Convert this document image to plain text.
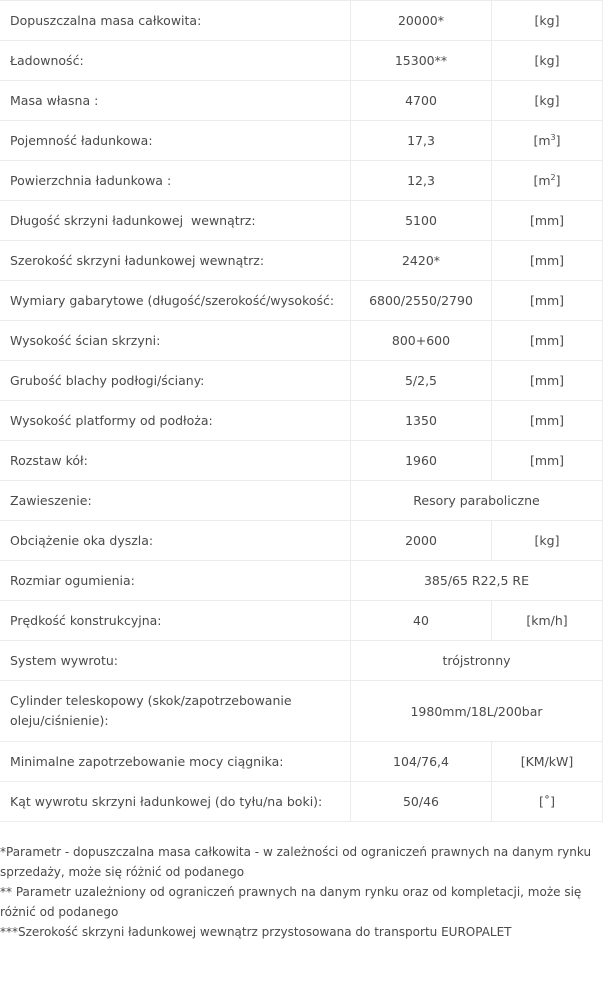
Dopuszczalna masa całkowita:	20000*	[kg]
Ładowność:	15300**	[kg]
Masa własna :	4700	[kg]
Pojemność ładunkowa:	17,3	$[m^3]$
Powierzchnia ładunkowa :	12,3	$[m^2]$
Długość skrzyni ładunkowej  wewnątrz:	5100	[mm]
Szerokość skrzyni ładunkowej wewnątrz:	2420*	[mm]
Wymiary gabarytowe (długość/szerokość/wysokość:	6800/2550/2790	[mm]
Wysokość ścian skrzyni:	800+600	[mm]
Grubość blachy podłogi/ściany:	5/2,5	[mm]
Wysokość platformy od podłoża:	1350	[mm]
Rozstaw kół:	1960	[mm]
Zawieszenie:	Resory paraboliczne	
Obciążenie oka dyszla:	2000	[kg]
Rozmiar ogumienia:	385/65 R22,5 RE	
Prędkość konstrukcyjna:	40	[km/h]
System wywrotu:	trójstronny	
Cylinder teleskopowy (skok/zapotrzebowanie
oleju/ciśnienie):	1980mm/18L/200bar	
Minimalne zapotrzebowanie mocy ciągnika:	104/76,4	[KM/kW]
Kąt wywrotu skrzyni ładunkowej (do tyłu/na boki):	50/46	[˚]
*Parametr - dopuszczalna masa całkowita - w zależności od ograniczeń prawnych na danym rynku sprzedaży, może się różnić od podanego
** Parametr uzależniony od ograniczeń prawnych na danym rynku oraz od kompletacji, może się różnić od podanego
***Szerokość skrzyni ładunkowej wewnątrz przystosowana do transportu EUROPALET
